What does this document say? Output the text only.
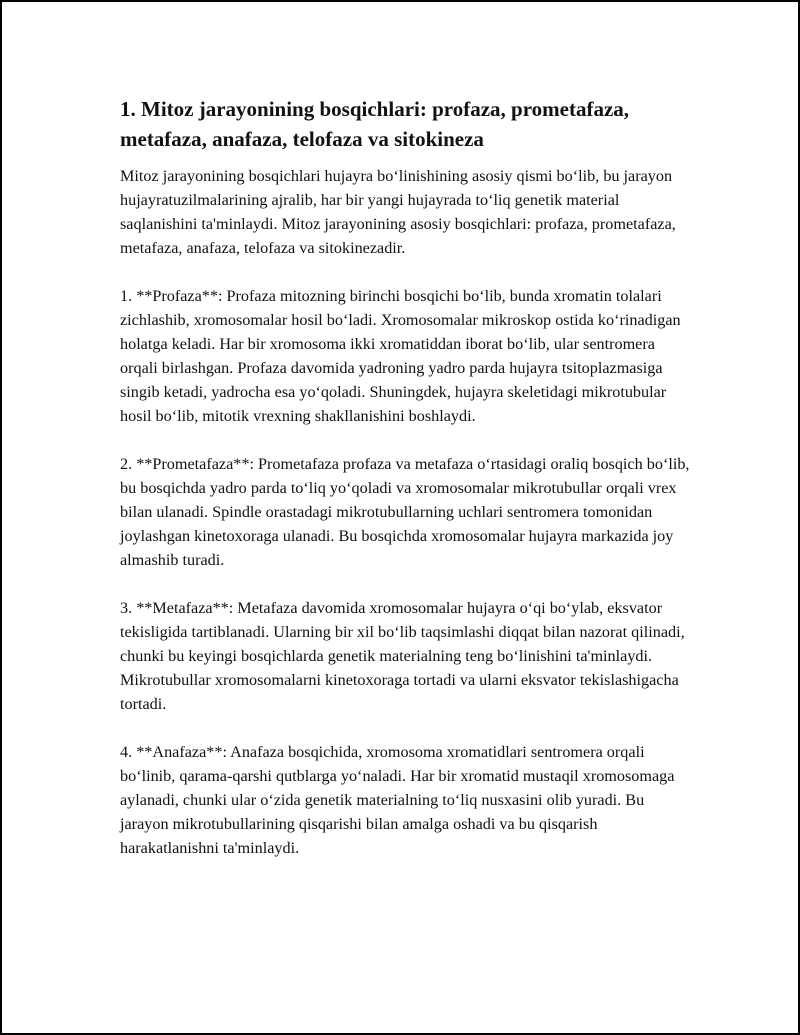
1. Mitoz jarayonining bosqichlari: profaza, prometafaza, metafaza, anafaza, telofaza va sitokineza

Mitoz jarayonining bosqichlari hujayra bo‘linishining asosiy qismi bo‘lib, bu jarayon hujayratuzilmalarining ajralib, har bir yangi hujayrada to‘liq genetik material saqlanishini ta'minlaydi. Mitoz jarayonining asosiy bosqichlari: profaza, prometafaza, metafaza, anafaza, telofaza va sitokinezadir.

1. **Profaza**: Profaza mitozning birinchi bosqichi bo‘lib, bunda xromatin tolalari zichlashib, xromosomalar hosil bo‘ladi. Xromosomalar mikroskop ostida ko‘rinadigan holatga keladi. Har bir xromosoma ikki xromatiddan iborat bo‘lib, ular sentromera orqali birlashgan. Profaza davomida yadroning yadro parda hujayra tsitoplazmasiga singib ketadi, yadrocha esa yo‘qoladi. Shuningdek, hujayra skeletidagi mikrotubular hosil bo‘lib, mitotik vrexning shakllanishini boshlaydi.

2. **Prometafaza**: Prometafaza profaza va metafaza o‘rtasidagi oraliq bosqich bo‘lib, bu bosqichda yadro parda to‘liq yo‘qoladi va xromosomalar mikrotubullar orqali vrex bilan ulanadi. Spindle orastadagi mikrotubullarning uchlari sentromera tomonidan joylashgan kinetoxoraga ulanadi. Bu bosqichda xromosomalar hujayra markazida joy almashib turadi.

3. **Metafaza**: Metafaza davomida xromosomalar hujayra o‘qi bo‘ylab, eksvator tekisligida tartiblanadi. Ularning bir xil bo‘lib taqsimlashi diqqat bilan nazorat qilinadi, chunki bu keyingi bosqichlarda genetik materialning teng bo‘linishini ta'minlaydi. Mikrotubullar xromosomalarni kinetoxoraga tortadi va ularni eksvator tekislashigacha tortadi.

4. **Anafaza**: Anafaza bosqichida, xromosoma xromatidlari sentromera orqali bo‘linib, qarama-qarshi qutblarga yo‘naladi. Har bir xromatid mustaqil xromosomaga aylanadi, chunki ular o‘zida genetik materialning to‘liq nusxasini olib yuradi. Bu jarayon mikrotubullarining qisqarishi bilan amalga oshadi va bu qisqarish harakatlanishni ta'minlaydi.
